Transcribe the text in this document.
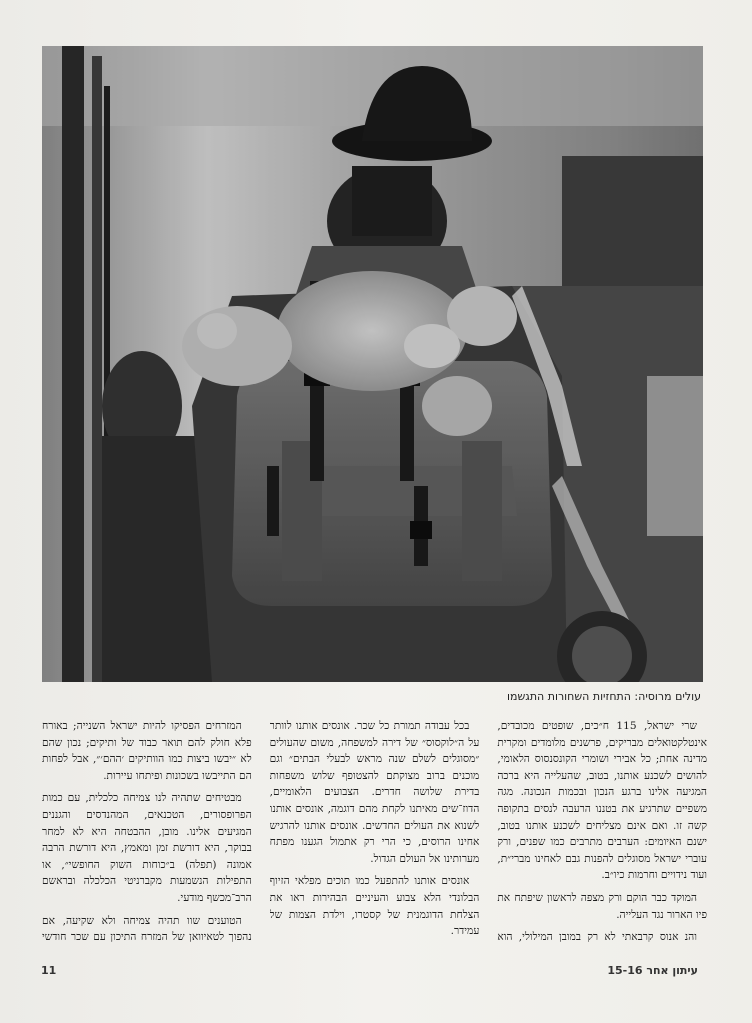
עולים מרוסיה: התחזיות השחורות התגשמו

שרי ישראל, 115 ח״כים, שופטים מכובדים, אינטלקטואלים מבריקים, פרשנים מלומדים ומקרית מדינה אחת; כל אבירי ושומרי הקונסנסוס הלאומי, להושים לשכנע אותנו, בטוב, שהעלייה היא ברכה המגיעה אלינו ברגע הנכון ובכמות הנכונה. מגה משפיים שתרגיע את בטננו הרעבה לנסים בתקופה קשה זו. ואם אינם מצליחים לשכנע אותנו בטוב, ישנם האיומים: הערבים מתרבים כמו שפנים, ורק עוברי ישראל מסוגלים להפנות גבם לאחינו מברי״ת, ועוד נידויים וחרמות כיו״ב.

המוקד כבר הוקם ורק מצפה לראשון שיפתח את פיו הארור נגד העלייה.

והנ אנוס קרבאתי לא רק במובן המילולי, הוא

בכל עבודה תמורת כל שכר. אונסים אותנו לוותר על ה״לוקסוס״ של דירה למשפחה, משום שהעולים ״מסוגלים לשלם שנה מראש לבעלי הבתים״ וגם מוכנים ברוב מצוקתם להצטופף שלוש משפחות בדירת שלושה חדרים. הצבועים הלאומיים, הדוז־שים מאיתנו לקחת מהם דוגמה, אונסים אותנו לשנוא את העולים החדשים. אונסים אותנו להרגיש אחינו הרוסים, כי הרי רק אתמול הגענו מפתח מערותינו אל העולם הגדול.

אונסים אותנו להתפעל כמו תוכים מפלאי הזיוף הבלונדי הלא צבוע והעיניים הבהירות ראו את הצלחת הדוגמנית של קסטרו, וילדת הצמות של עמידר.

המזרחים הפסיקו להיות ישראל השנייה; באורח פלא חולק להם תואר כבוד של ותיקים; נכון שהם לא ״יבשו ביצות כמו הוותיקים ׳ההם׳״, אבל לפחות הם התייבשו בשכונות ופיתחו עיירות.

מבטיחים שתהיה לנו צמיחה כלכלית, עם כמות הפרופסורים, הטכנאים, המהנדסים והגננים המגיעים אלינו. מובן, ההבטחה היא לא למחר בבוקר, היא דורשת זמן ומאמץ, היא דורשת הרבה אמונה (תפלה) ב״כוחות השוק החופשי״, או התפילות הנשמעות מקברניטי הכלכלה ובראשם הרב־מכשף מודעי.

הטוענים שוו תהיה צמיחה ולא שקיעה, אם נהפוך לטאיוואן של המזרח התיכון עם שכר חודשי

11	עיתון אחר 15-16
